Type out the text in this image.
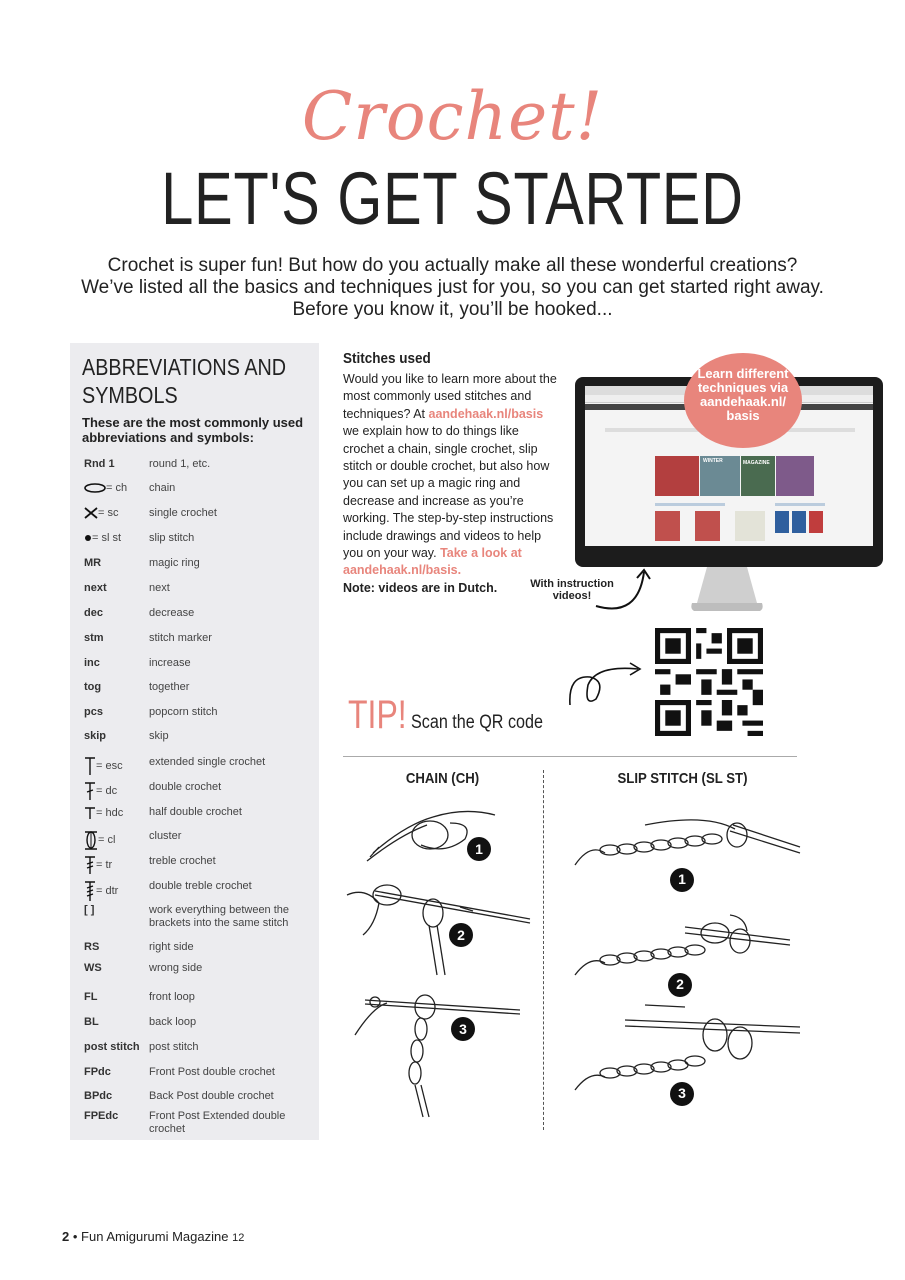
Crochet!
LET'S GET STARTED
Crochet is super fun! But how do you actually make all these wonderful creations? We’ve listed all the basics and techniques just for you, so you can get started right away. Before you know it, you’ll be hooked...
ABBREVIATIONS AND SYMBOLS
These are the most commonly used abbreviations and symbols:
Rnd 1	round 1, etc.
= ch chain
= sc	single crochet
= sl st	slip stitch
MR	magic ring
next	next
dec	decrease
stm	stitch marker
inc	increase
tog	together
pcs	popcorn stitch
skip	skip
= esc extended single crochet
= dc	double crochet
= hdc half double crochet
= cl	cluster
= tr	treble crochet
= dtr	double treble crochet
[ ]	work everything between the brackets into the same stitch
RS	right side
WS	wrong side
FL	front loop
BL	back loop
post stitch post stitch
FPdc	Front Post double crochet
BPdc	Back Post double crochet
FPEdc	Front Post Extended double crochet
Stitches used
Would you like to learn more about the most commonly used stitches and techniques? At aandehaak.nl/basis we explain how to do things like crochet a chain, single crochet, slip stitch or double crochet, but also how you can set up a magic ring and decrease and increase as you’re working. The step-by-step instructions include drawings and videos to help you on your way. Take a look at aandehaak.nl/basis.
Note: videos are in Dutch.
WINTER	MAGAZINE
Learn different techniques via aandehaak.nl/ basis
With instruction videos!
TIP! Scan the QR code
CHAIN (CH)
1
2
3
SLIP STITCH (SL ST)
1
2
3
2 • Fun Amigurumi Magazine 12
